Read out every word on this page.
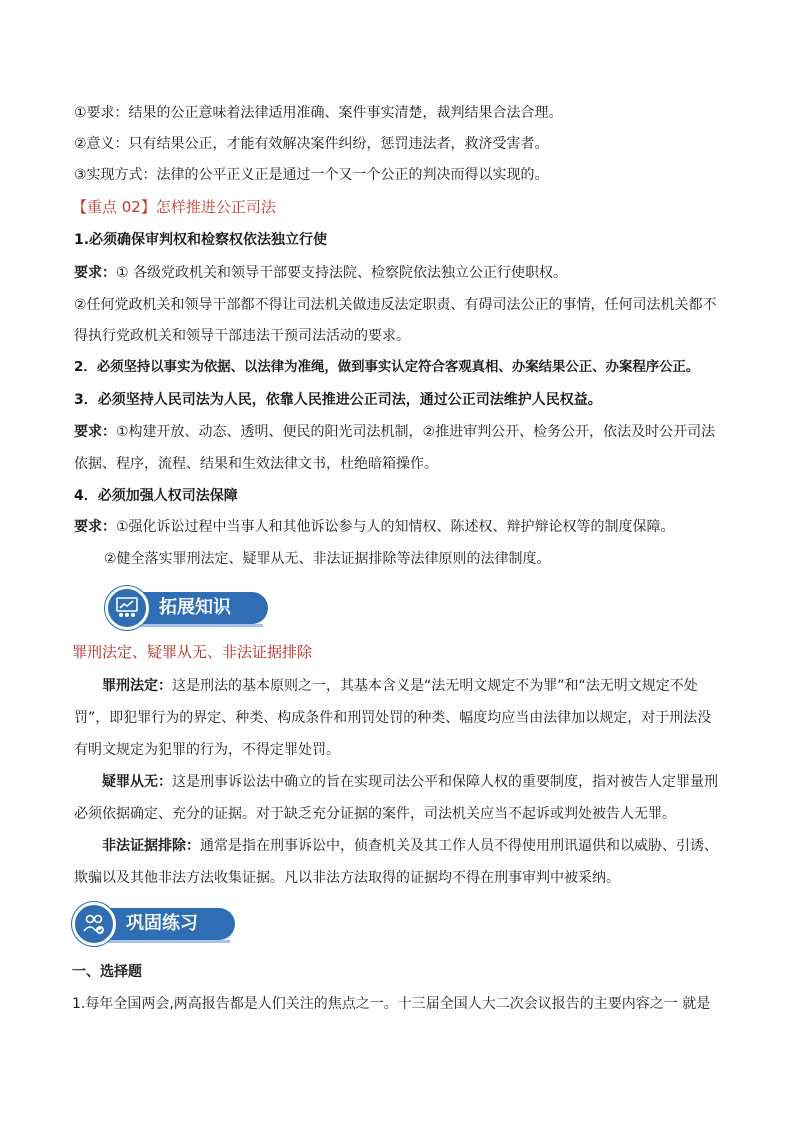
①要求：结果的公正意味着法律适用准确、案件事实清楚，裁判结果合法合理。
②意义：只有结果公正，才能有效解决案件纠纷，惩罚违法者，救济受害者。
③实现方式：法律的公平正义正是通过一个又一个公正的判决而得以实现的。
【重点 02】怎样推进公正司法
1.必须确保审判权和检察权依法独立行使
要求：① 各级党政机关和领导干部要支持法院、检察院依法独立公正行使职权。
②任何党政机关和领导干部都不得让司法机关做违反法定职责、有碍司法公正的事情，任何司法机关都不
得执行党政机关和领导干部违法干预司法活动的要求。
2．必须坚持以事实为依据、以法律为准绳，做到事实认定符合客观真相、办案结果公正、办案程序公正。
3．必须坚持人民司法为人民，依靠人民推进公正司法，通过公正司法维护人民权益。
要求：①构建开放、动态、透明、便民的阳光司法机制，②推进审判公开、检务公开，依法及时公开司法
依据、程序，流程、结果和生效法律文书，杜绝暗箱操作。
4．必须加强人权司法保障
要求：①强化诉讼过程中当事人和其他诉讼参与人的知情权、陈述权、辩护辩论权等的制度保障。
②健全落实罪刑法定、疑罪从无、非法证据排除等法律原则的法律制度。
拓展知识
罪刑法定、疑罪从无、非法证据排除
罪刑法定：这是刑法的基本原则之一，其基本含义是“法无明文规定不为罪”和“法无明文规定不处
罚”，即犯罪行为的界定、种类、构成条件和刑罚处罚的种类、幅度均应当由法律加以规定，对于刑法没
有明文规定为犯罪的行为，不得定罪处罚。
疑罪从无：这是刑事诉讼法中确立的旨在实现司法公平和保障人权的重要制度，指对被告人定罪量刑
必须依据确定、充分的证据。对于缺乏充分证据的案件，司法机关应当不起诉或判处被告人无罪。
非法证据排除：通常是指在刑事诉讼中，侦查机关及其工作人员不得使用刑讯逼供和以威胁、引诱、
欺骗以及其他非法方法收集证据。凡以非法方法取得的证据均不得在刑事审判中被采纳。
巩固练习
一、选择题
1.每年全国两会,两高报告都是人们关注的焦点之一。十三届全国人大二次会议报告的主要内容之一 就是
